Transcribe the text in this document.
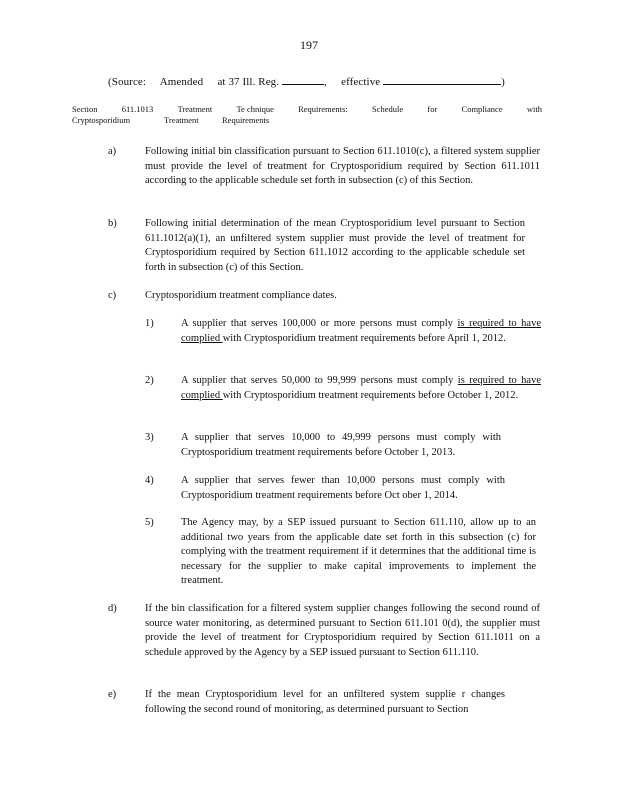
197
(Source: Amended at 37 Ill. Reg.	, effective	)
Section	611.1013	Treatment	Te chnique	Requirements:	Schedule	for	Compliance	with
Cryptosporidium	Treatment	Requirements
a)	Following initial bin classification pursuant to Section 611.1010(c), a filtered system supplier must provide the level of treatment for Cryptosporidium required by Section 611.1011 according to the applicable schedule set forth in subsection (c) of this Section.
b)	Following initial determination of the mean Cryptosporidium level pursuant to Section 611.1012(a)(1), an unfiltered system supplier must provide the level of treatment for Cryptosporidium required by Section 611.1012 according to the applicable schedule set forth in subsection (c) of this Section.
c)	Cryptosporidium treatment compliance dates.
1)	A supplier that serves 100,000 or more persons must comply is required to have complied with Cryptosporidium treatment requirements before April 1, 2012.
2)	A supplier that serves 50,000 to 99,999 persons must comply is required to have complied with Cryptosporidium treatment requirements before October 1, 2012.
3)	A supplier that serves 10,000 to 49,999 persons must comply with Cryptosporidium treatment requirements before October 1, 2013.
4)	A supplier that serves fewer than 10,000 persons must comply with Cryptosporidium treatment requirements before Oct ober 1, 2014.
5)	The Agency may, by a SEP issued pursuant to Section 611.110, allow up to an additional two years from the applicable date set forth in this subsection (c) for complying with the treatment requirement if it determines that the additional time is necessary for the supplier to make capital improvements to implement the treatment.
d)	If the bin classification for a filtered system supplier changes following the second round of source water monitoring, as determined pursuant to Section 611.101 0(d), the supplier must provide the level of treatment for Cryptosporidium required by Section 611.1011 on a schedule approved by the Agency by a SEP issued pursuant to Section 611.110.
e)	If the mean Cryptosporidium level for an unfiltered system supplie r changes following the second round of monitoring, as determined pursuant to Section
